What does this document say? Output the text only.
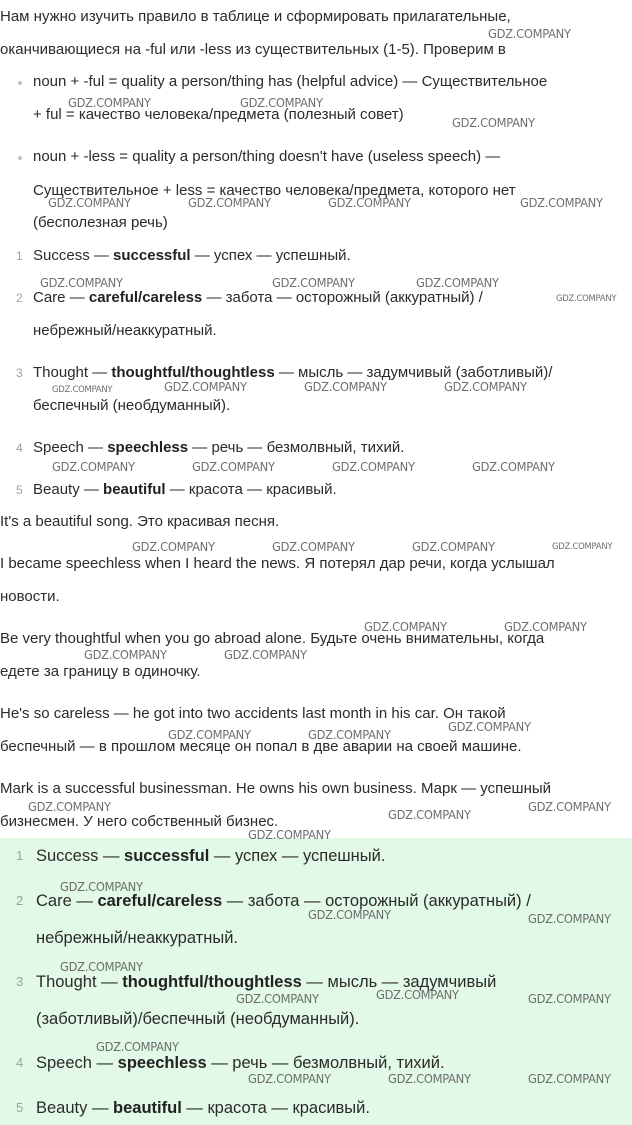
Нам нужно изучить правило в таблице и сформировать прилагательные,
оканчивающиеся на -ful или -less из существительных (1-5). Проверим в
noun + -ful = quality a person/thing has (helpful advice) — Существительное
+ ful = качество человека/предмета (полезный совет)
noun + -less = quality a person/thing doesn't have (useless speech) —
Существительное + less = качество человека/предмета, которого нет
(бесполезная речь)
1 Success — successful — успех — успешный.
2 Care — careful/careless — забота — осторожный (аккуратный) /
небрежный/неаккуратный.
3 Thought — thoughtful/thoughtless — мысль — задумчивый (заботливый)/
беспечный (необдуманный).
4 Speech — speechless — речь — безмолвный, тихий.
5 Beauty — beautiful — красота — красивый.
It's a beautiful song. Это красивая песня.
I became speechless when I heard the news. Я потерял дар речи, когда услышал
новости.
Be very thoughtful when you go abroad alone. Будьте очень внимательны, когда
едете за границу в одиночку.
He's so careless — he got into two accidents last month in his car. Он такой
беспечный — в прошлом месяце он попал в две аварии на своей машине.
Mark is a successful businessman. He owns his own business. Марк — успешный
бизнесмен. У него собственный бизнес.
1 Success — successful — успех — успешный.
2 Care — careful/careless — забота — осторожный (аккуратный) /
небрежный/неаккуратный.
3 Thought — thoughtful/thoughtless — мысль — задумчивый
(заботливый)/беспечный (необдуманный).
4 Speech — speechless — речь — безмолвный, тихий.
5 Beauty — beautiful — красота — красивый.
GDZ.COMPANY
GDZ.COMPANY	GDZ.COMPANY
GDZ.COMPANY
GDZ.COMPANY	GDZ.COMPANY	GDZ.COMPANY	GDZ.COMPANY
GDZ.COMPANY	GDZ.COMPANY	GDZ.COMPANY
GDZ.COMPANY
GDZ.COMPANY	GDZ.COMPANY	GDZ.COMPANY	GDZ.COMPANY
GDZ.COMPANY	GDZ.COMPANY	GDZ.COMPANY	GDZ.COMPANY
GDZ.COMPANY	GDZ.COMPANY	GDZ.COMPANY	GDZ.COMPANY
GDZ.COMPANY	GDZ.COMPANY
GDZ.COMPANY	GDZ.COMPANY
GDZ.COMPANY
GDZ.COMPANY	GDZ.COMPANY
GDZ.COMPANY	GDZ.COMPANY
GDZ.COMPANY
GDZ.COMPANY
GDZ.COMPANY
GDZ.COMPANY	GDZ.COMPANY
GDZ.COMPANY
GDZ.COMPANY
GDZ.COMPANY	GDZ.COMPANY
GDZ.COMPANY
GDZ.COMPANY	GDZ.COMPANY	GDZ.COMPANY
